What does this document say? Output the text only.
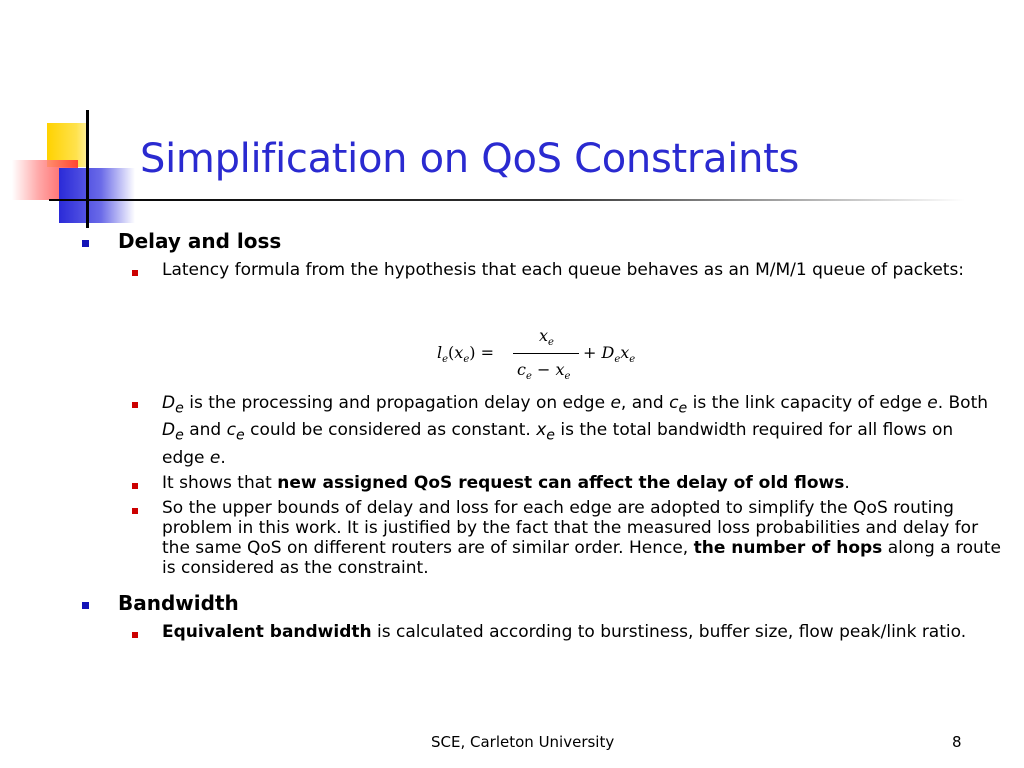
Simplification on QoS Constraints
Delay and loss
Latency formula from the hypothesis that each queue behaves as an M/M/1 queue of packets:
$l_e(x_e)$ =
$x_e$
$c_e - x_e$
+ $D_ex_e$
$D_e$ is the processing and propagation delay on edge e, and $c_e$ is the link capacity of edge e. Both $D_e$ and $c_e$ could be considered as constant. $x_e$ is the total bandwidth required for all flows on edge e.
It shows that new assigned QoS request can affect the delay of old flows.
So the upper bounds of delay and loss for each edge are adopted to simplify the QoS routing problem in this work. It is justified by the fact that the measured loss probabilities and delay for the same QoS on different routers are of similar order. Hence, the number of hops along a route is considered as the constraint.
Bandwidth
Equivalent bandwidth is calculated according to burstiness, buffer size, flow peak/link ratio.
SCE, Carleton University	8
